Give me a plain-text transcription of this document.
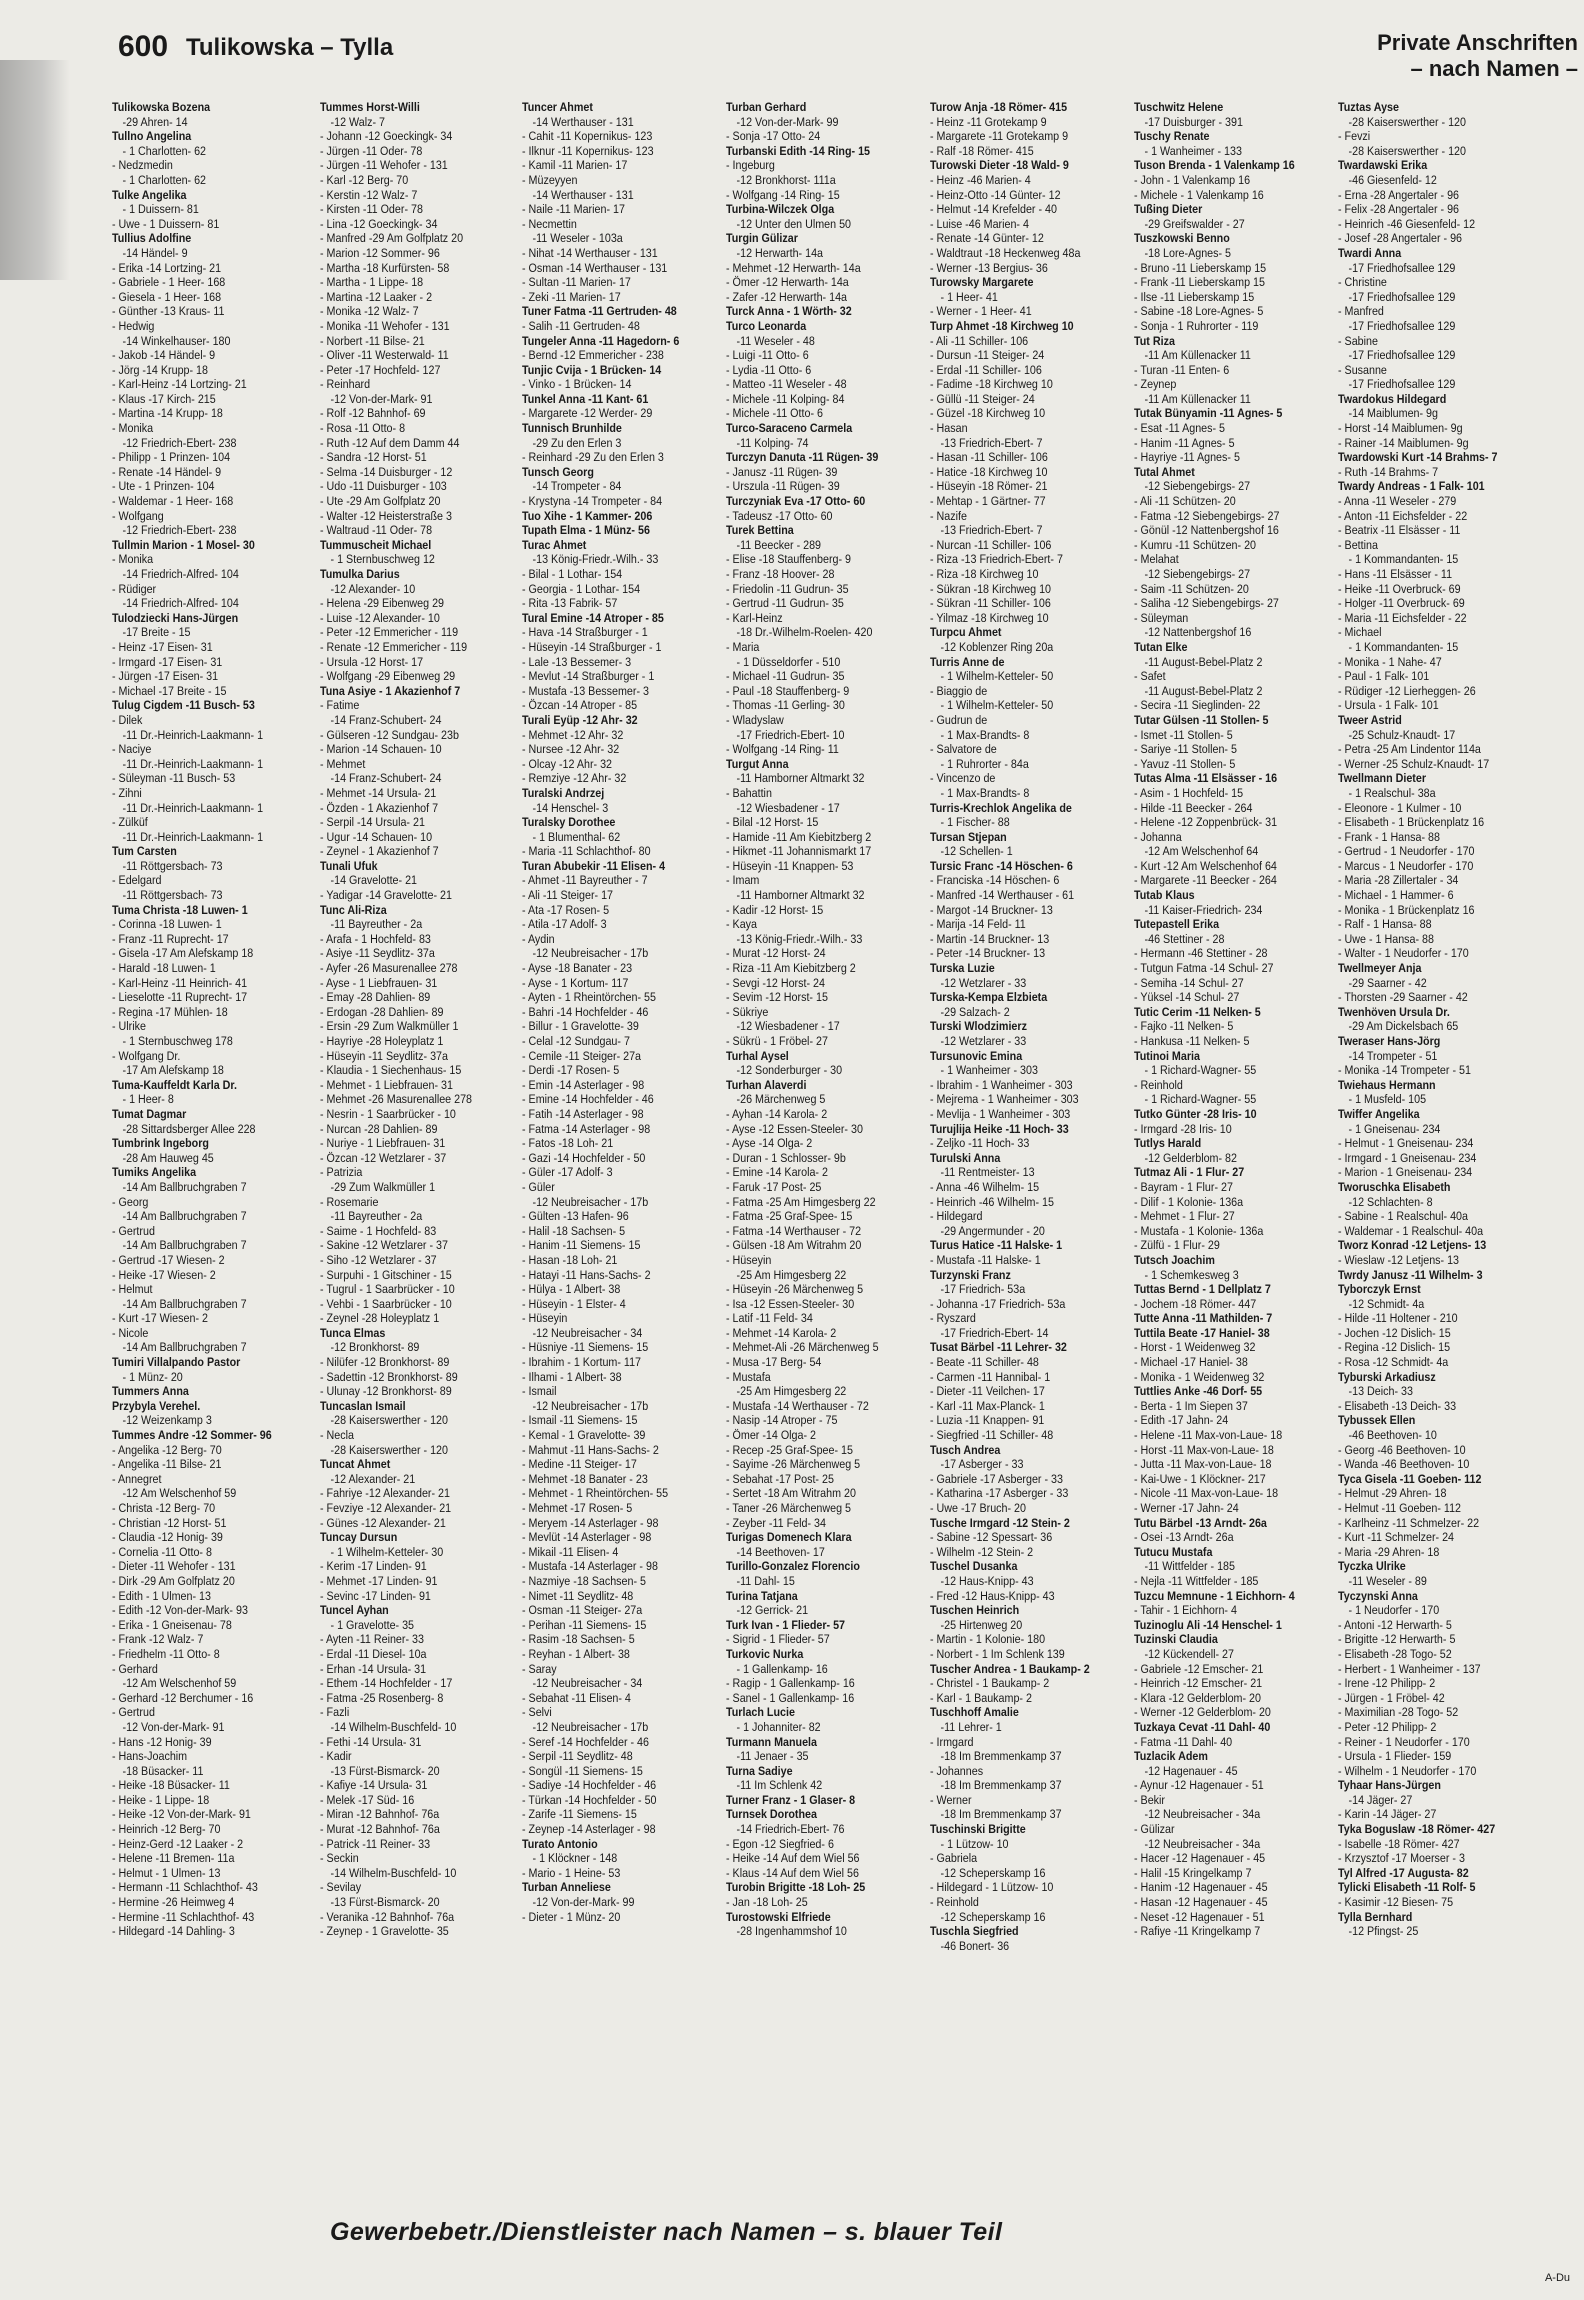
600 Tulikowska – Tylla	Private Anschriften
– nach Namen –
Tulikowska Bozena
-29 Ahren- 14
Tullno Angelina
- 1 Charlotten- 62
- Nedzmedin
- 1 Charlotten- 62
Tulke Angelika
- 1 Duissern- 81
- Uwe - 1 Duissern- 81
Tullius Adolfine
-14 Händel- 9
- Erika -14 Lortzing- 21
- Gabriele - 1 Heer- 168
- Giesela - 1 Heer- 168
- Günther -13 Kraus- 11
- Hedwig
-14 Winkelhauser- 180
- Jakob -14 Händel- 9
- Jörg -14 Krupp- 18
- Karl-Heinz -14 Lortzing- 21
- Klaus -17 Kirch- 215
- Martina -14 Krupp- 18
- Monika
-12 Friedrich-Ebert- 238
- Philipp - 1 Prinzen- 104
- Renate -14 Händel- 9
- Ute - 1 Prinzen- 104
- Waldemar - 1 Heer- 168
- Wolfgang
-12 Friedrich-Ebert- 238
Tullmin Marion - 1 Mosel- 30
- Monika
-14 Friedrich-Alfred- 104
- Rüdiger
-14 Friedrich-Alfred- 104
Tulodziecki Hans-Jürgen
-17 Breite - 15
- Heinz -17 Eisen- 31
- Irmgard -17 Eisen- 31
- Jürgen -17 Eisen- 31
- Michael -17 Breite - 15
Tulug Cigdem -11 Busch- 53
- Dilek
-11 Dr.-Heinrich-Laakmann- 1
- Naciye
-11 Dr.-Heinrich-Laakmann- 1
- Süleyman -11 Busch- 53
- Zihni
-11 Dr.-Heinrich-Laakmann- 1
- Zülküf
-11 Dr.-Heinrich-Laakmann- 1
Tum Carsten
-11 Röttgersbach- 73
- Edelgard
-11 Röttgersbach- 73
Tuma Christa -18 Luwen- 1
- Corinna -18 Luwen- 1
- Franz -11 Ruprecht- 17
- Gisela -17 Am Alefskamp 18
- Harald -18 Luwen- 1
- Karl-Heinz -11 Heinrich- 41
- Lieselotte -11 Ruprecht- 17
- Regina -17 Mühlen- 18
- Ulrike
- 1 Sternbuschweg 178
- Wolfgang Dr.
-17 Am Alefskamp 18
Tuma-Kauffeldt Karla Dr.
- 1 Heer- 8
Tumat Dagmar
-28 Sittardsberger Allee 228
Tumbrink Ingeborg
-28 Am Hauweg 45
Tumiks Angelika
-14 Am Ballbruchgraben 7
- Georg
-14 Am Ballbruchgraben 7
- Gertrud
-14 Am Ballbruchgraben 7
- Gertrud -17 Wiesen- 2
- Heike -17 Wiesen- 2
- Helmut
-14 Am Ballbruchgraben 7
- Kurt -17 Wiesen- 2
- Nicole
-14 Am Ballbruchgraben 7
Tumiri Villalpando Pastor
- 1 Münz- 20
Tummers Anna
Przybyla Verehel.
-12 Weizenkamp 3
Tummes Andre -12 Sommer- 96
- Angelika -12 Berg- 70
- Angelika -11 Bilse- 21
- Annegret
-12 Am Welschenhof 59
- Christa -12 Berg- 70
- Christian -12 Horst- 51
- Claudia -12 Honig- 39
- Cornelia -11 Otto- 8
- Dieter -11 Wehofer - 131
- Dirk -29 Am Golfplatz 20
- Edith - 1 Ulmen- 13
- Edith -12 Von-der-Mark- 93
- Erika - 1 Gneisenau- 78
- Frank -12 Walz- 7
- Friedhelm -11 Otto- 8
- Gerhard
-12 Am Welschenhof 59
- Gerhard -12 Berchumer - 16
- Gertrud
-12 Von-der-Mark- 91
- Hans -12 Honig- 39
- Hans-Joachim
-18 Büsacker- 11
- Heike -18 Büsacker- 11
- Heike - 1 Lippe- 18
- Heike -12 Von-der-Mark- 91
- Heinrich -12 Berg- 70
- Heinz-Gerd -12 Laaker - 2
- Helene -11 Bremen- 11a
- Helmut - 1 Ulmen- 13
- Hermann -11 Schlachthof- 43
- Hermine -26 Heimweg 4
- Hermine -11 Schlachthof- 43
- Hildegard -14 Dahling- 3
Tummes Horst-Willi
-12 Walz- 7
- Johann -12 Goeckingk- 34
- Jürgen -11 Oder- 78
- Jürgen -11 Wehofer - 131
- Karl -12 Berg- 70
- Kerstin -12 Walz- 7
- Kirsten -11 Oder- 78
- Lina -12 Goeckingk- 34
- Manfred -29 Am Golfplatz 20
- Marion -12 Sommer- 96
- Martha -18 Kurfürsten- 58
- Martha - 1 Lippe- 18
- Martina -12 Laaker - 2
- Monika -12 Walz- 7
- Monika -11 Wehofer - 131
- Norbert -11 Bilse- 21
- Oliver -11 Westerwald- 11
- Peter -17 Hochfeld- 127
- Reinhard
-12 Von-der-Mark- 91
- Rolf -12 Bahnhof- 69
- Rosa -11 Otto- 8
- Ruth -12 Auf dem Damm 44
- Sandra -12 Horst- 51
- Selma -14 Duisburger - 12
- Udo -11 Duisburger - 103
- Ute -29 Am Golfplatz 20
- Walter -12 Heisterstraße 3
- Waltraud -11 Oder- 78
Tummuscheit Michael
- 1 Sternbuschweg 12
Tumulka Darius
-12 Alexander- 10
- Helena -29 Eibenweg 29
- Luise -12 Alexander- 10
- Peter -12 Emmericher - 119
- Renate -12 Emmericher - 119
- Ursula -12 Horst- 17
- Wolfgang -29 Eibenweg 29
Tuna Asiye - 1 Akazienhof 7
- Fatime
-14 Franz-Schubert- 24
- Gülseren -12 Sundgau- 23b
- Marion -14 Schauen- 10
- Mehmet
-14 Franz-Schubert- 24
- Mehmet -14 Ursula- 21
- Özden - 1 Akazienhof 7
- Serpil -14 Ursula- 21
- Ugur -14 Schauen- 10
- Zeynel - 1 Akazienhof 7
Tunali Ufuk
-14 Gravelotte- 21
- Yadigar -14 Gravelotte- 21
Tunc Ali-Riza
-11 Bayreuther - 2a
- Arafa - 1 Hochfeld- 83
- Asiye -11 Seydlitz- 37a
- Ayfer -26 Masurenallee 278
- Ayse - 1 Liebfrauen- 31
- Emay -28 Dahlien- 89
- Erdogan -28 Dahlien- 89
- Ersin -29 Zum Walkmüller 1
- Hayriye -28 Holeyplatz 1
- Hüseyin -11 Seydlitz- 37a
- Klaudia - 1 Siechenhaus- 15
- Mehmet - 1 Liebfrauen- 31
- Mehmet -26 Masurenallee 278
- Nesrin - 1 Saarbrücker - 10
- Nurcan -28 Dahlien- 89
- Nuriye - 1 Liebfrauen- 31
- Özcan -12 Wetzlarer - 37
- Patrizia
-29 Zum Walkmüller 1
- Rosemarie
-11 Bayreuther - 2a
- Saime - 1 Hochfeld- 83
- Sakine -12 Wetzlarer - 37
- Siho -12 Wetzlarer - 37
- Surpuhi - 1 Gitschiner - 15
- Tugrul - 1 Saarbrücker - 10
- Vehbi - 1 Saarbrücker - 10
- Zeynel -28 Holeyplatz 1
Tunca Elmas
-12 Bronkhorst- 89
- Nilüfer -12 Bronkhorst- 89
- Sadettin -12 Bronkhorst- 89
- Ulunay -12 Bronkhorst- 89
Tuncaslan Ismail
-28 Kaiserswerther - 120
- Necla
-28 Kaiserswerther - 120
Tuncat Ahmet
-12 Alexander- 21
- Fahriye -12 Alexander- 21
- Fevziye -12 Alexander- 21
- Günes -12 Alexander- 21
Tuncay Dursun
- 1 Wilhelm-Ketteler- 30
- Kerim -17 Linden- 91
- Mehmet -17 Linden- 91
- Sevinc -17 Linden- 91
Tuncel Ayhan
- 1 Gravelotte- 35
- Ayten -11 Reiner- 33
- Erdal -11 Diesel- 10a
- Erhan -14 Ursula- 31
- Ethem -14 Hochfelder - 17
- Fatma -25 Rosenberg- 8
- Fazli
-14 Wilhelm-Buschfeld- 10
- Fethi -14 Ursula- 31
- Kadir
-13 Fürst-Bismarck- 20
- Kafiye -14 Ursula- 31
- Melek -17 Süd- 16
- Miran -12 Bahnhof- 76a
- Murat -12 Bahnhof- 76a
- Patrick -11 Reiner- 33
- Seckin
-14 Wilhelm-Buschfeld- 10
- Sevilay
-13 Fürst-Bismarck- 20
- Veranika -12 Bahnhof- 76a
- Zeynep - 1 Gravelotte- 35
Tuncer Ahmet
-14 Werthauser - 131
- Cahit -11 Kopernikus- 123
- Ilknur -11 Kopernikus- 123
- Kamil -11 Marien- 17
- Müzeyyen
-14 Werthauser - 131
- Naile -11 Marien- 17
- Necmettin
-11 Weseler - 103a
- Nihat -14 Werthauser - 131
- Osman -14 Werthauser - 131
- Sultan -11 Marien- 17
- Zeki -11 Marien- 17
Tuner Fatma -11 Gertruden- 48
- Salih -11 Gertruden- 48
Tungeler Anna -11 Hagedorn- 6
- Bernd -12 Emmericher - 238
Tunjic Cvija - 1 Brücken- 14
- Vinko - 1 Brücken- 14
Tunkel Anna -11 Kant- 61
- Margarete -12 Werder- 29
Tunnisch Brunhilde
-29 Zu den Erlen 3
- Reinhard -29 Zu den Erlen 3
Tunsch Georg
-14 Trompeter - 84
- Krystyna -14 Trompeter - 84
Tuo Xihe - 1 Kammer- 206
Tupath Elma - 1 Münz- 56
Turac Ahmet
-13 König-Friedr.-Wilh.- 33
- Bilal - 1 Lothar- 154
- Georgia - 1 Lothar- 154
- Rita -13 Fabrik- 57
Tural Emine -14 Atroper - 85
- Hava -14 Straßburger - 1
- Hüseyin -14 Straßburger - 1
- Lale -13 Bessemer- 3
- Mevlut -14 Straßburger - 1
- Mustafa -13 Bessemer- 3
- Özcan -14 Atroper - 85
Turali Eyüp -12 Ahr- 32
- Mehmet -12 Ahr- 32
- Nursee -12 Ahr- 32
- Olcay -12 Ahr- 32
- Remziye -12 Ahr- 32
Turalski Andrzej
-14 Henschel- 3
Turalsky Dorothee
- 1 Blumenthal- 62
- Maria -11 Schlachthof- 80
Turan Abubekir -11 Elisen- 4
- Ahmet -11 Bayreuther - 7
- Ali -11 Steiger- 17
- Ata -17 Rosen- 5
- Atila -17 Adolf- 3
- Aydin
-12 Neubreisacher - 17b
- Ayse -18 Banater - 23
- Ayse - 1 Kortum- 117
- Ayten - 1 Rheintörchen- 55
- Bahri -14 Hochfelder - 46
- Billur - 1 Gravelotte- 39
- Celal -12 Sundgau- 7
- Cemile -11 Steiger- 27a
- Derdi -17 Rosen- 5
- Emin -14 Asterlager - 98
- Emine -14 Hochfelder - 46
- Fatih -14 Asterlager - 98
- Fatma -14 Asterlager - 98
- Fatos -18 Loh- 21
- Gazi -14 Hochfelder - 50
- Güler -17 Adolf- 3
- Güler
-12 Neubreisacher - 17b
- Gülten -13 Hafen- 96
- Halil -18 Sachsen- 5
- Hanim -11 Siemens- 15
- Hasan -18 Loh- 21
- Hatayi -11 Hans-Sachs- 2
- Hülya - 1 Albert- 38
- Hüseyin - 1 Elster- 4
- Hüseyin
-12 Neubreisacher - 34
- Hüsniye -11 Siemens- 15
- Ibrahim - 1 Kortum- 117
- Ilhami - 1 Albert- 38
- Ismail
-12 Neubreisacher - 17b
- Ismail -11 Siemens- 15
- Kemal - 1 Gravelotte- 39
- Mahmut -11 Hans-Sachs- 2
- Medine -11 Steiger- 17
- Mehmet -18 Banater - 23
- Mehmet - 1 Rheintörchen- 55
- Mehmet -17 Rosen- 5
- Meryem -14 Asterlager - 98
- Mevlüt -14 Asterlager - 98
- Mikail -11 Elisen- 4
- Mustafa -14 Asterlager - 98
- Nazmiye -18 Sachsen- 5
- Nimet -11 Seydlitz- 48
- Osman -11 Steiger- 27a
- Perihan -11 Siemens- 15
- Rasim -18 Sachsen- 5
- Reyhan - 1 Albert- 38
- Saray
-12 Neubreisacher - 34
- Sebahat -11 Elisen- 4
- Selvi
-12 Neubreisacher - 17b
- Seref -14 Hochfelder - 46
- Serpil -11 Seydlitz- 48
- Songül -11 Siemens- 15
- Sadiye -14 Hochfelder - 46
- Türkan -14 Hochfelder - 50
- Zarife -11 Siemens- 15
- Zeynep -14 Asterlager - 98
Turato Antonio
- 1 Klöckner - 148
- Mario - 1 Heine- 53
Turban Anneliese
-12 Von-der-Mark- 99
- Dieter - 1 Münz- 20
Turban Gerhard
-12 Von-der-Mark- 99
- Sonja -17 Otto- 24
Turbanski Edith -14 Ring- 15
- Ingeburg
-12 Bronkhorst- 111a
- Wolfgang -14 Ring- 15
Turbina-Wilczek Olga
-12 Unter den Ulmen 50
Turgin Gülizar
-12 Herwarth- 14a
- Mehmet -12 Herwarth- 14a
- Ömer -12 Herwarth- 14a
- Zafer -12 Herwarth- 14a
Turck Anna - 1 Wörth- 32
Turco Leonarda
-11 Weseler - 48
- Luigi -11 Otto- 6
- Lydia -11 Otto- 6
- Matteo -11 Weseler - 48
- Michele -11 Kolping- 84
- Michele -11 Otto- 6
Turco-Saraceno Carmela
-11 Kolping- 74
Turczyn Danuta -11 Rügen- 39
- Janusz -11 Rügen- 39
- Urszula -11 Rügen- 39
Turczyniak Eva -17 Otto- 60
- Tadeusz -17 Otto- 60
Turek Bettina
-11 Beecker - 289
- Elise -18 Stauffenberg- 9
- Franz -18 Hoover- 28
- Friedolin -11 Gudrun- 35
- Gertrud -11 Gudrun- 35
- Karl-Heinz
-18 Dr.-Wilhelm-Roelen- 420
- Maria
- 1 Düsseldorfer - 510
- Michael -11 Gudrun- 35
- Paul -18 Stauffenberg- 9
- Thomas -11 Gerling- 30
- Wladyslaw
-17 Friedrich-Ebert- 10
- Wolfgang -14 Ring- 11
Turgut Anna
-11 Hamborner Altmarkt 32
- Bahattin
-12 Wiesbadener - 17
- Bilal -12 Horst- 15
- Hamide -11 Am Kiebitzberg 2
- Hikmet -11 Johannismarkt 17
- Hüseyin -11 Knappen- 53
- Imam
-11 Hamborner Altmarkt 32
- Kadir -12 Horst- 15
- Kaya
-13 König-Friedr.-Wilh.- 33
- Murat -12 Horst- 24
- Riza -11 Am Kiebitzberg 2
- Sevgi -12 Horst- 24
- Sevim -12 Horst- 15
- Sükriye
-12 Wiesbadener - 17
- Sükrü - 1 Fröbel- 27
Turhal Aysel
-12 Sonderburger - 30
Turhan Alaverdi
-26 Märchenweg 5
- Ayhan -14 Karola- 2
- Ayse -12 Essen-Steeler- 30
- Ayse -14 Olga- 2
- Duran - 1 Schlosser- 9b
- Emine -14 Karola- 2
- Faruk -17 Post- 25
- Fatma -25 Am Himgesberg 22
- Fatma -25 Graf-Spee- 15
- Fatma -14 Werthauser - 72
- Gülsen -18 Am Witrahm 20
- Hüseyin
-25 Am Himgesberg 22
- Hüseyin -26 Märchenweg 5
- Isa -12 Essen-Steeler- 30
- Latif -11 Feld- 34
- Mehmet -14 Karola- 2
- Mehmet-Ali -26 Märchenweg 5
- Musa -17 Berg- 54
- Mustafa
-25 Am Himgesberg 22
- Mustafa -14 Werthauser - 72
- Nasip -14 Atroper - 75
- Ömer -14 Olga- 2
- Recep -25 Graf-Spee- 15
- Sayime -26 Märchenweg 5
- Sebahat -17 Post- 25
- Sertet -18 Am Witrahm 20
- Taner -26 Märchenweg 5
- Zeyber -11 Feld- 34
Turigas Domenech Klara
-14 Beethoven- 17
Turillo-Gonzalez Florencio
-11 Dahl- 15
Turina Tatjana
-12 Gerrick- 21
Turk Ivan - 1 Flieder- 57
- Sigrid - 1 Flieder- 57
Turkovic Nurka
- 1 Gallenkamp- 16
- Ragip - 1 Gallenkamp- 16
- Sanel - 1 Gallenkamp- 16
Turlach Lucie
- 1 Johanniter- 82
Turmann Manuela
-11 Jenaer - 35
Turna Sadiye
-11 Im Schlenk 42
Turner Franz - 1 Glaser- 8
Turnsek Dorothea
-14 Friedrich-Ebert- 76
- Egon -12 Siegfried- 6
- Heike -14 Auf dem Wiel 56
- Klaus -14 Auf dem Wiel 56
Turobin Brigitte -18 Loh- 25
- Jan -18 Loh- 25
Turostowski Elfriede
-28 Ingenhammshof 10
Turow Anja -18 Römer- 415
- Heinz -11 Grotekamp 9
- Margarete -11 Grotekamp 9
- Ralf -18 Römer- 415
Turowski Dieter -18 Wald- 9
- Heinz -46 Marien- 4
- Heinz-Otto -14 Günter- 12
- Helmut -14 Krefelder - 40
- Luise -46 Marien- 4
- Renate -14 Günter- 12
- Waldtraut -18 Heckenweg 48a
- Werner -13 Bergius- 36
Turowsky Margarete
- 1 Heer- 41
- Werner - 1 Heer- 41
Turp Ahmet -18 Kirchweg 10
- Ali -11 Schiller- 106
- Dursun -11 Steiger- 24
- Erdal -11 Schiller- 106
- Fadime -18 Kirchweg 10
- Güllü -11 Steiger- 24
- Güzel -18 Kirchweg 10
- Hasan
-13 Friedrich-Ebert- 7
- Hasan -11 Schiller- 106
- Hatice -18 Kirchweg 10
- Hüseyin -18 Römer- 21
- Mehtap - 1 Gärtner- 77
- Nazife
-13 Friedrich-Ebert- 7
- Nurcan -11 Schiller- 106
- Riza -13 Friedrich-Ebert- 7
- Riza -18 Kirchweg 10
- Sükran -18 Kirchweg 10
- Sükran -11 Schiller- 106
- Yilmaz -18 Kirchweg 10
Turpcu Ahmet
-12 Koblenzer Ring 20a
Turris Anne de
- 1 Wilhelm-Ketteler- 50
- Biaggio de
- 1 Wilhelm-Ketteler- 50
- Gudrun de
- 1 Max-Brandts- 8
- Salvatore de
- 1 Ruhrorter - 84a
- Vincenzo de
- 1 Max-Brandts- 8
Turris-Krechlok Angelika de
- 1 Fischer- 88
Tursan Stjepan
-12 Schellen- 1
Tursic Franc -14 Höschen- 6
- Franciska -14 Höschen- 6
- Manfred -14 Werthauser - 61
- Margot -14 Bruckner- 13
- Marija -14 Feld- 11
- Martin -14 Bruckner- 13
- Peter -14 Bruckner- 13
Turska Luzie
-12 Wetzlarer - 33
Turska-Kempa Elzbieta
-29 Salzach- 2
Turski Wlodzimierz
-12 Wetzlarer - 33
Tursunovic Emina
- 1 Wanheimer - 303
- Ibrahim - 1 Wanheimer - 303
- Mejrema - 1 Wanheimer - 303
- Mevlija - 1 Wanheimer - 303
Turujlija Heike -11 Hoch- 33
- Zeljko -11 Hoch- 33
Turulski Anna
-11 Rentmeister- 13
- Anna -46 Wilhelm- 15
- Heinrich -46 Wilhelm- 15
- Hildegard
-29 Angermunder - 20
Turus Hatice -11 Halske- 1
- Mustafa -11 Halske- 1
Turzynski Franz
-17 Friedrich- 53a
- Johanna -17 Friedrich- 53a
- Ryszard
-17 Friedrich-Ebert- 14
Tusat Bärbel -11 Lehrer- 32
- Beate -11 Schiller- 48
- Carmen -11 Hannibal- 1
- Dieter -11 Veilchen- 17
- Karl -11 Max-Planck- 1
- Luzia -11 Knappen- 91
- Siegfried -11 Schiller- 48
Tusch Andrea
-17 Asberger - 33
- Gabriele -17 Asberger - 33
- Katharina -17 Asberger - 33
- Uwe -17 Bruch- 20
Tusche Irmgard -12 Stein- 2
- Sabine -12 Spessart- 36
- Wilhelm -12 Stein- 2
Tuschel Dusanka
-12 Haus-Knipp- 43
- Fred -12 Haus-Knipp- 43
Tuschen Heinrich
-25 Hirtenweg 20
- Martin - 1 Kolonie- 180
- Norbert - 1 Im Schlenk 139
Tuscher Andrea - 1 Baukamp- 2
- Christel - 1 Baukamp- 2
- Karl - 1 Baukamp- 2
Tuschhoff Amalie
-11 Lehrer- 1
- Irmgard
-18 Im Bremmenkamp 37
- Johannes
-18 Im Bremmenkamp 37
- Werner
-18 Im Bremmenkamp 37
Tuschinski Brigitte
- 1 Lützow- 10
- Gabriela
-12 Scheperskamp 16
- Hildegard - 1 Lützow- 10
- Reinhold
-12 Scheperskamp 16
Tuschla Siegfried
-46 Bonert- 36
Tuschwitz Helene
-17 Duisburger - 391
Tuschy Renate
- 1 Wanheimer - 133
Tuson Brenda - 1 Valenkamp 16
- John - 1 Valenkamp 16
- Michele - 1 Valenkamp 16
Tußing Dieter
-29 Greifswalder - 27
Tuszkowski Benno
-18 Lore-Agnes- 5
- Bruno -11 Lieberskamp 15
- Frank -11 Lieberskamp 15
- Ilse -11 Lieberskamp 15
- Sabine -18 Lore-Agnes- 5
- Sonja - 1 Ruhrorter - 119
Tut Riza
-11 Am Küllenacker 11
- Turan -11 Enten- 6
- Zeynep
-11 Am Küllenacker 11
Tutak Bünyamin -11 Agnes- 5
- Esat -11 Agnes- 5
- Hanim -11 Agnes- 5
- Hayriye -11 Agnes- 5
Tutal Ahmet
-12 Siebengebirgs- 27
- Ali -11 Schützen- 20
- Fatma -12 Siebengebirgs- 27
- Gönül -12 Nattenbergshof 16
- Kumru -11 Schützen- 20
- Melahat
-12 Siebengebirgs- 27
- Saim -11 Schützen- 20
- Saliha -12 Siebengebirgs- 27
- Süleyman
-12 Nattenbergshof 16
Tutan Elke
-11 August-Bebel-Platz 2
- Safet
-11 August-Bebel-Platz 2
- Secira -11 Sieglinden- 22
Tutar Gülsen -11 Stollen- 5
- Ismet -11 Stollen- 5
- Sariye -11 Stollen- 5
- Yavuz -11 Stollen- 5
Tutas Alma -11 Elsässer - 16
- Asim - 1 Hochfeld- 15
- Hilde -11 Beecker - 264
- Helene -12 Zoppenbrück- 31
- Johanna
-12 Am Welschenhof 64
- Kurt -12 Am Welschenhof 64
- Margarete -11 Beecker - 264
Tutab Klaus
-11 Kaiser-Friedrich- 234
Tutepastell Erika
-46 Stettiner - 28
- Hermann -46 Stettiner - 28
- Tutgun Fatma -14 Schul- 27
- Semiha -14 Schul- 27
- Yüksel -14 Schul- 27
Tutic Cerim -11 Nelken- 5
- Fajko -11 Nelken- 5
- Hankusa -11 Nelken- 5
Tutinoi Maria
- 1 Richard-Wagner- 55
- Reinhold
- 1 Richard-Wagner- 55
Tutko Günter -28 Iris- 10
- Irmgard -28 Iris- 10
Tutlys Harald
-12 Gelderblom- 82
Tutmaz Ali - 1 Flur- 27
- Bayram - 1 Flur- 27
- Dilif - 1 Kolonie- 136a
- Mehmet - 1 Flur- 27
- Mustafa - 1 Kolonie- 136a
- Zülfü - 1 Flur- 29
Tutsch Joachim
- 1 Schemkesweg 3
Tuttas Bernd - 1 Dellplatz 7
- Jochem -18 Römer- 447
Tutte Anna -11 Mathilden- 7
Tuttila Beate -17 Haniel- 38
- Horst - 1 Weidenweg 32
- Michael -17 Haniel- 38
- Monika - 1 Weidenweg 32
Tuttlies Anke -46 Dorf- 55
- Berta - 1 Im Siepen 37
- Edith -17 Jahn- 24
- Helene -11 Max-von-Laue- 18
- Horst -11 Max-von-Laue- 18
- Jutta -11 Max-von-Laue- 18
- Kai-Uwe - 1 Klöckner- 217
- Nicole -11 Max-von-Laue- 18
- Werner -17 Jahn- 24
Tutu Bärbel -13 Arndt- 26a
- Osei -13 Arndt- 26a
Tutucu Mustafa
-11 Wittfelder - 185
- Nejla -11 Wittfelder - 185
Tuzcu Memnune - 1 Eichhorn- 4
- Tahir - 1 Eichhorn- 4
Tuzinoglu Ali -14 Henschel- 1
Tuzinski Claudia
-12 Kückendell- 27
- Gabriele -12 Emscher- 21
- Heinrich -12 Emscher- 21
- Klara -12 Gelderblom- 20
- Werner -12 Gelderblom- 20
Tuzkaya Cevat -11 Dahl- 40
- Fatma -11 Dahl- 40
Tuzlacik Adem
-12 Hagenauer - 45
- Aynur -12 Hagenauer - 51
- Bekir
-12 Neubreisacher - 34a
- Gülizar
-12 Neubreisacher - 34a
- Hacer -12 Hagenauer - 45
- Halil -15 Kringelkamp 7
- Hanim -12 Hagenauer - 45
- Hasan -12 Hagenauer - 45
- Neset -12 Hagenauer - 51
- Rafiye -11 Kringelkamp 7
Tuztas Ayse
-28 Kaiserswerther - 120
- Fevzi
-28 Kaiserswerther - 120
Twardawski Erika
-46 Giesenfeld- 12
- Erna -28 Angertaler - 96
- Felix -28 Angertaler - 96
- Heinrich -46 Giesenfeld- 12
- Josef -28 Angertaler - 96
Twardi Anna
-17 Friedhofsallee 129
- Christine
-17 Friedhofsallee 129
- Manfred
-17 Friedhofsallee 129
- Sabine
-17 Friedhofsallee 129
- Susanne
-17 Friedhofsallee 129
Twardokus Hildegard
-14 Maiblumen- 9g
- Horst -14 Maiblumen- 9g
- Rainer -14 Maiblumen- 9g
Twardowski Kurt -14 Brahms- 7
- Ruth -14 Brahms- 7
Twardy Andreas - 1 Falk- 101
- Anna -11 Weseler - 279
- Anton -11 Eichsfelder - 22
- Beatrix -11 Elsässer - 11
- Bettina
- 1 Kommandanten- 15
- Hans -11 Elsässer - 11
- Heike -11 Overbruck- 69
- Holger -11 Overbruck- 69
- Maria -11 Eichsfelder - 22
- Michael
- 1 Kommandanten- 15
- Monika - 1 Nahe- 47
- Paul - 1 Falk- 101
- Rüdiger -12 Lierheggen- 26
- Ursula - 1 Falk- 101
Tweer Astrid
-25 Schulz-Knaudt- 17
- Petra -25 Am Lindentor 114a
- Werner -25 Schulz-Knaudt- 17
Twellmann Dieter
- 1 Realschul- 38a
- Eleonore - 1 Kulmer - 10
- Elisabeth - 1 Brückenplatz 16
- Frank - 1 Hansa- 88
- Gertrud - 1 Neudorfer - 170
- Marcus - 1 Neudorfer - 170
- Maria -28 Zillertaler - 34
- Michael - 1 Hammer- 6
- Monika - 1 Brückenplatz 16
- Ralf - 1 Hansa- 88
- Uwe - 1 Hansa- 88
- Walter - 1 Neudorfer - 170
Twellmeyer Anja
-29 Saarner - 42
- Thorsten -29 Saarner - 42
Twenhöven Ursula Dr.
-29 Am Dickelsbach 65
Tweraser Hans-Jörg
-14 Trompeter - 51
- Monika -14 Trompeter - 51
Twiehaus Hermann
- 1 Musfeld- 105
Twiffer Angelika
- 1 Gneisenau- 234
- Helmut - 1 Gneisenau- 234
- Irmgard - 1 Gneisenau- 234
- Marion - 1 Gneisenau- 234
Tworuschka Elisabeth
-12 Schlachten- 8
- Sabine - 1 Realschul- 40a
- Waldemar - 1 Realschul- 40a
Tworz Konrad -12 Letjens- 13
- Wieslaw -12 Letjens- 13
Twrdy Janusz -11 Wilhelm- 3
Tyborczyk Ernst
-12 Schmidt- 4a
- Hilde -11 Holtener - 210
- Jochen -12 Dislich- 15
- Regina -12 Dislich- 15
- Rosa -12 Schmidt- 4a
Tyburski Arkadiusz
-13 Deich- 33
- Elisabeth -13 Deich- 33
Tybussek Ellen
-46 Beethoven- 10
- Georg -46 Beethoven- 10
- Wanda -46 Beethoven- 10
Tyca Gisela -11 Goeben- 112
- Helmut -29 Ahren- 18
- Helmut -11 Goeben- 112
- Karlheinz -11 Schmelzer- 22
- Kurt -11 Schmelzer- 24
- Maria -29 Ahren- 18
Tyczka Ulrike
-11 Weseler - 89
Tyczynski Anna
- 1 Neudorfer - 170
- Antoni -12 Herwarth- 5
- Brigitte -12 Herwarth- 5
- Elisabeth -28 Togo- 52
- Herbert - 1 Wanheimer - 137
- Irene -12 Philipp- 2
- Jürgen - 1 Fröbel- 42
- Maximilian -28 Togo- 52
- Peter -12 Philipp- 2
- Reiner - 1 Neudorfer - 170
- Ursula - 1 Flieder- 159
- Wilhelm - 1 Neudorfer - 170
Tyhaar Hans-Jürgen
-14 Jäger- 27
- Karin -14 Jäger- 27
Tyka Boguslaw -18 Römer- 427
- Isabelle -18 Römer- 427
- Krzysztof -17 Moerser - 3
Tyl Alfred -17 Augusta- 82
Tylicki Elisabeth -11 Rolf- 5
- Kasimir -12 Biesen- 75
Tylla Bernhard
-12 Pfingst- 25
Gewerbebetr./Dienstleister nach Namen – s. blauer Teil
A-Du
